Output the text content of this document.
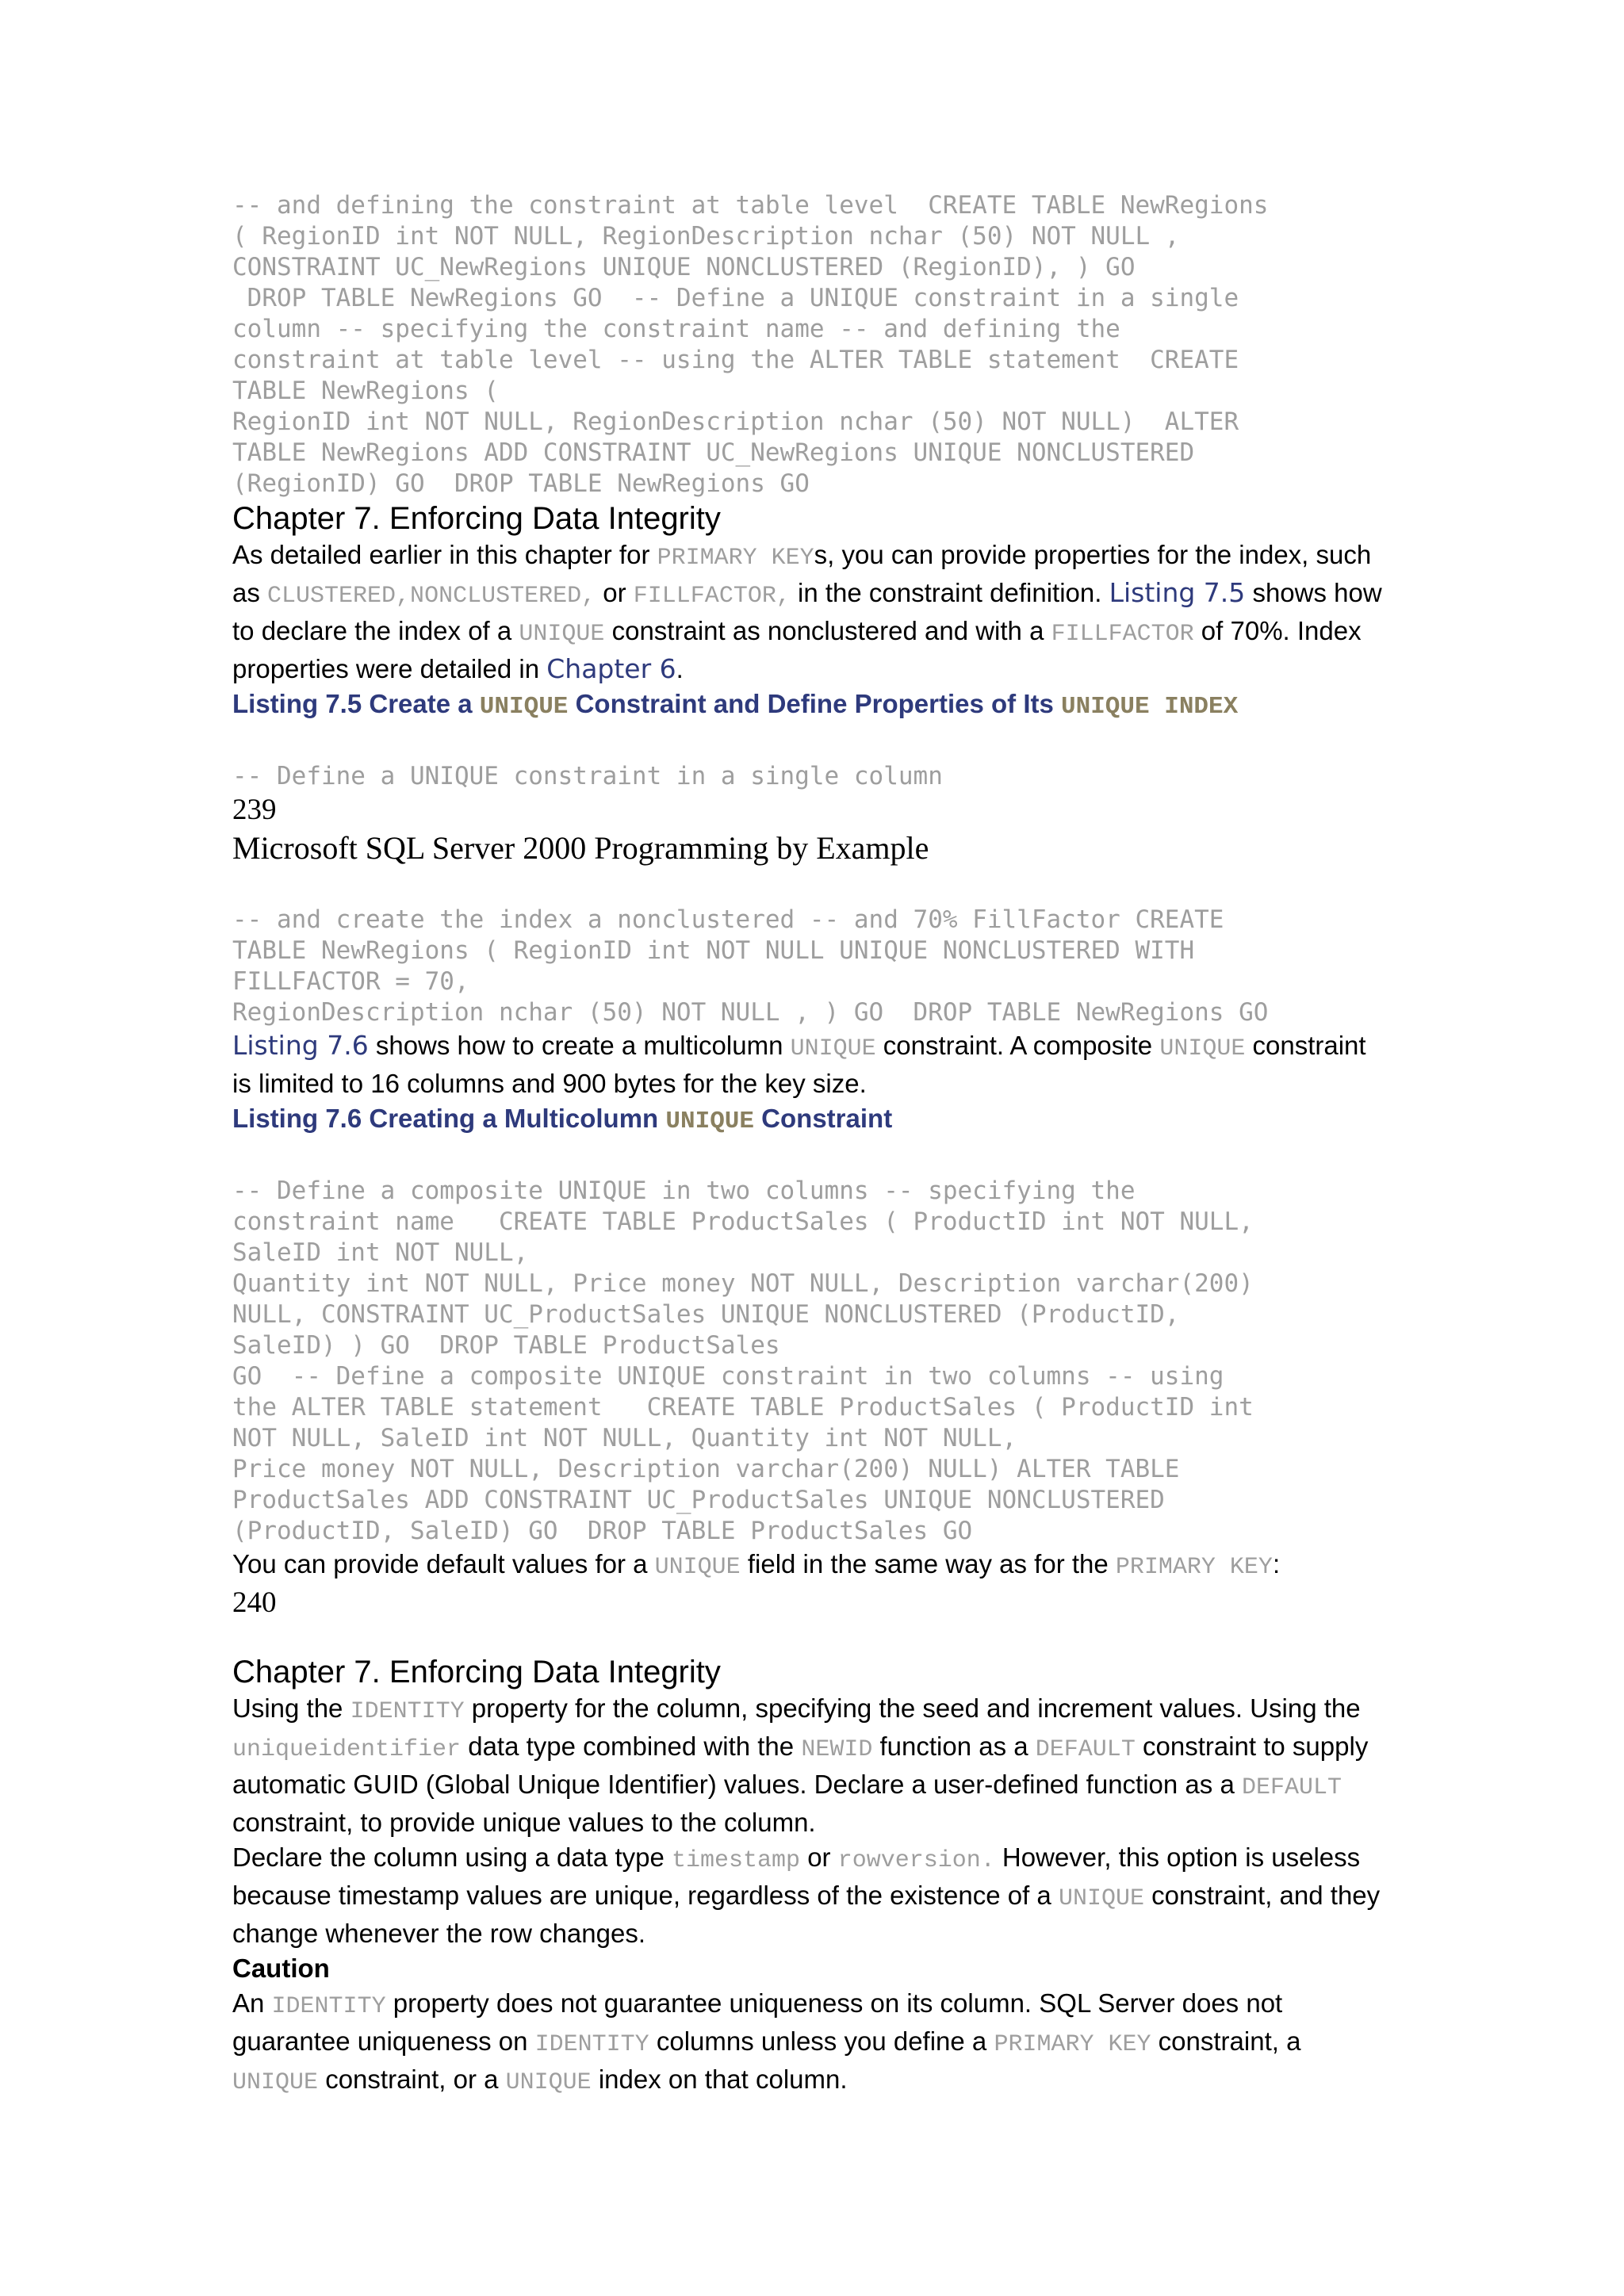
-- and defining the constraint at table level  CREATE TABLE NewRegions
( RegionID int NOT NULL, RegionDescription nchar (50) NOT NULL ,
CONSTRAINT UC_NewRegions UNIQUE NONCLUSTERED (RegionID), ) GO
DROP TABLE NewRegions GO  -- Define a UNIQUE constraint in a single
column -- specifying the constraint name -- and defining the
constraint at table level -- using the ALTER TABLE statement  CREATE
TABLE NewRegions (
RegionID int NOT NULL, RegionDescription nchar (50) NOT NULL)  ALTER
TABLE NewRegions ADD CONSTRAINT UC_NewRegions UNIQUE NONCLUSTERED
(RegionID) GO  DROP TABLE NewRegions GO

Chapter 7. Enforcing Data Integrity

As detailed earlier in this chapter for PRIMARY KEYs, you can provide properties for the index, such as CLUSTERED,NONCLUSTERED, or FILLFACTOR, in the constraint definition. Listing 7.5 shows how to declare the index of a UNIQUE constraint as nonclustered and with a FILLFACTOR of 70%. Index properties were detailed in Chapter 6.

Listing 7.5 Create a UNIQUE Constraint and Define Properties of Its UNIQUE INDEX

-- Define a UNIQUE constraint in a single column

239

Microsoft SQL Server 2000 Programming by Example

-- and create the index a nonclustered -- and 70% FillFactor CREATE
TABLE NewRegions ( RegionID int NOT NULL UNIQUE NONCLUSTERED WITH
FILLFACTOR = 70,
RegionDescription nchar (50) NOT NULL , ) GO  DROP TABLE NewRegions GO

Listing 7.6 shows how to create a multicolumn UNIQUE constraint. A composite UNIQUE constraint is limited to 16 columns and 900 bytes for the key size.

Listing 7.6 Creating a Multicolumn UNIQUE Constraint

-- Define a composite UNIQUE in two columns -- specifying the
constraint name   CREATE TABLE ProductSales ( ProductID int NOT NULL,
SaleID int NOT NULL,
Quantity int NOT NULL, Price money NOT NULL, Description varchar(200)
NULL, CONSTRAINT UC_ProductSales UNIQUE NONCLUSTERED (ProductID,
SaleID) ) GO  DROP TABLE ProductSales
GO  -- Define a composite UNIQUE constraint in two columns -- using
the ALTER TABLE statement   CREATE TABLE ProductSales ( ProductID int
NOT NULL, SaleID int NOT NULL, Quantity int NOT NULL,
Price money NOT NULL, Description varchar(200) NULL) ALTER TABLE
ProductSales ADD CONSTRAINT UC_ProductSales UNIQUE NONCLUSTERED
(ProductID, SaleID) GO  DROP TABLE ProductSales GO

You can provide default values for a UNIQUE field in the same way as for the PRIMARY KEY:

240

Chapter 7. Enforcing Data Integrity

Using the IDENTITY property for the column, specifying the seed and increment values. Using the uniqueidentifier data type combined with the NEWID function as a DEFAULT constraint to supply automatic GUID (Global Unique Identifier) values. Declare a user-defined function as a DEFAULT constraint, to provide unique values to the column.

Declare the column using a data type timestamp or rowversion. However, this option is useless because timestamp values are unique, regardless of the existence of a UNIQUE constraint, and they
change whenever the row changes.

Caution

An IDENTITY property does not guarantee uniqueness on its column. SQL Server does not guarantee uniqueness on IDENTITY columns unless you define a PRIMARY KEY constraint, a UNIQUE constraint, or a UNIQUE index on that column.
